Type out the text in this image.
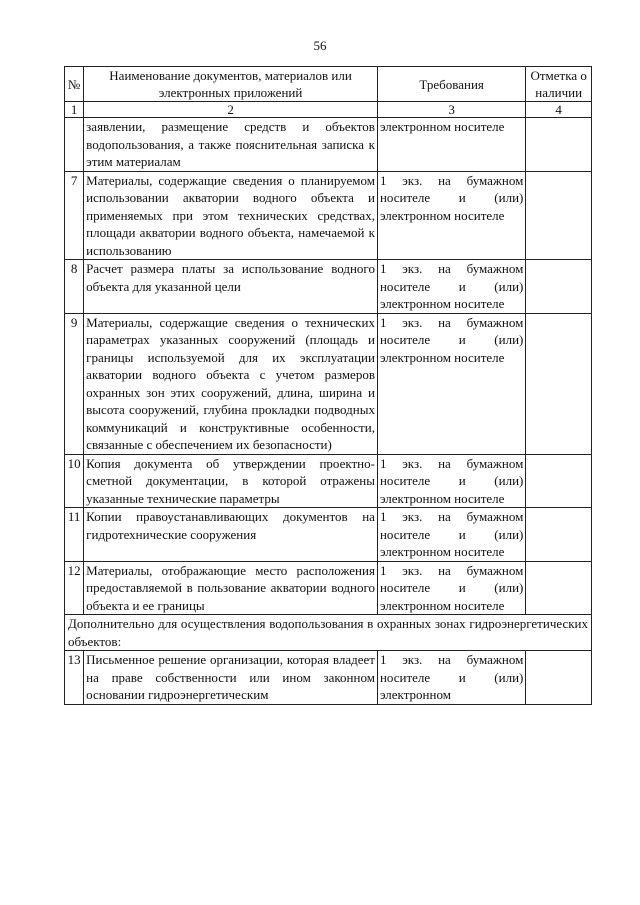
56
№	Наименование документов, материалов или электронных приложений	Требования	Отметка о наличии
1	2	3	4
	заявлении, размещение средств и объектов водопользования, а также пояснительная записка к этим материалам	электронном носителе	
7	Материалы, содержащие сведения о планируемом использовании акватории водного объекта и применяемых при этом технических средствах, площади акватории водного объекта, намечаемой к использованию	1 экз. на бумажном носителе и (или) электронном носителе	
8	Расчет размера платы за использование водного объекта для указанной цели	1 экз. на бумажном носителе и (или) электронном носителе	
9	Материалы, содержащие сведения о технических параметрах указанных сооружений (площадь и границы используемой для их эксплуатации акватории водного объекта с учетом размеров охранных зон этих сооружений, длина, ширина и высота сооружений, глубина прокладки подводных коммуникаций и конструктивные особенности, связанные с обеспечением их безопасности)	1 экз. на бумажном носителе и (или) электронном носителе	
10	Копия документа об утверждении проектно-сметной документации, в которой отражены указанные технические параметры	1 экз. на бумажном носителе и (или) электронном носителе	
11	Копии правоустанавливающих документов на гидротехнические сооружения	1 экз. на бумажном носителе и (или) электронном носителе	
12	Материалы, отображающие место расположения предоставляемой в пользование акватории водного объекта и ее границы	1 экз. на бумажном носителе и (или) электронном носителе	
Дополнительно для осуществления водопользования в охранных зонах гидроэнергетических объектов:			
13	Письменное решение организации, которая владеет на праве собственности или ином законном основании гидроэнергетическим	1 экз. на бумажном носителе и (или) электронном	
